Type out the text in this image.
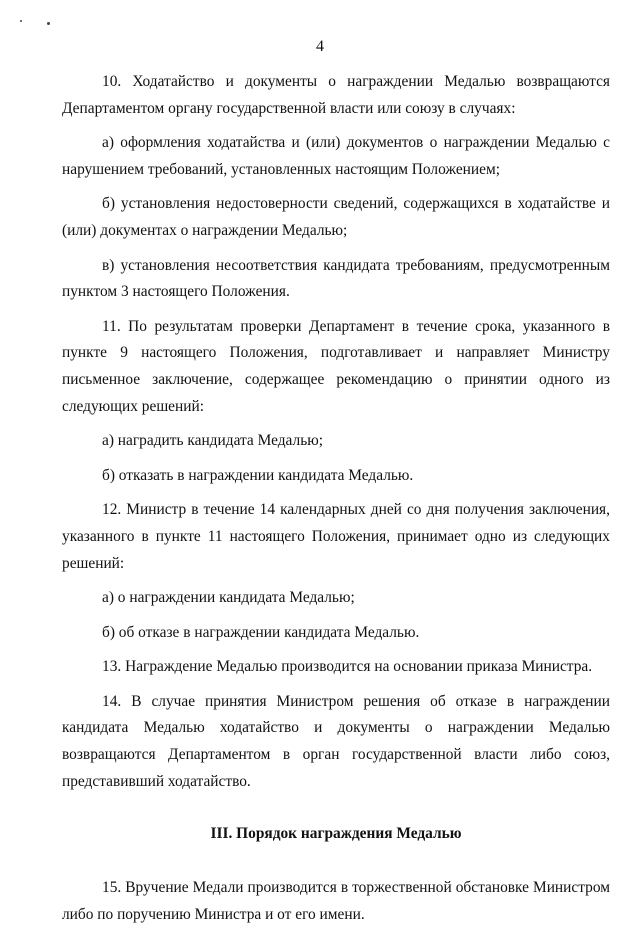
4

10. Ходатайство и документы о награждении Медалью возвращаются Департаментом органу государственной власти или союзу в случаях:

а) оформления ходатайства и (или) документов о награждении Медалью с нарушением требований, установленных настоящим Положением;

б) установления недостоверности сведений, содержащихся в ходатайстве и (или) документах о награждении Медалью;

в) установления несоответствия кандидата требованиям, предусмотренным пунктом 3 настоящего Положения.

11. По результатам проверки Департамент в течение срока, указанного в пункте 9 настоящего Положения, подготавливает и направляет Министру письменное заключение, содержащее рекомендацию о принятии одного из следующих решений:

а) наградить кандидата Медалью;

б) отказать в награждении кандидата Медалью.

12. Министр в течение 14 календарных дней со дня получения заключения, указанного в пункте 11 настоящего Положения, принимает одно из следующих решений:

а) о награждении кандидата Медалью;

б) об отказе в награждении кандидата Медалью.

13. Награждение Медалью производится на основании приказа Министра.

14. В случае принятия Министром решения об отказе в награждении кандидата Медалью ходатайство и документы о награждении Медалью возвращаются Департаментом в орган государственной власти либо союз, представивший ходатайство.

III. Порядок награждения Медалью

15. Вручение Медали производится в торжественной обстановке Министром либо по поручению Министра и от его имени.
